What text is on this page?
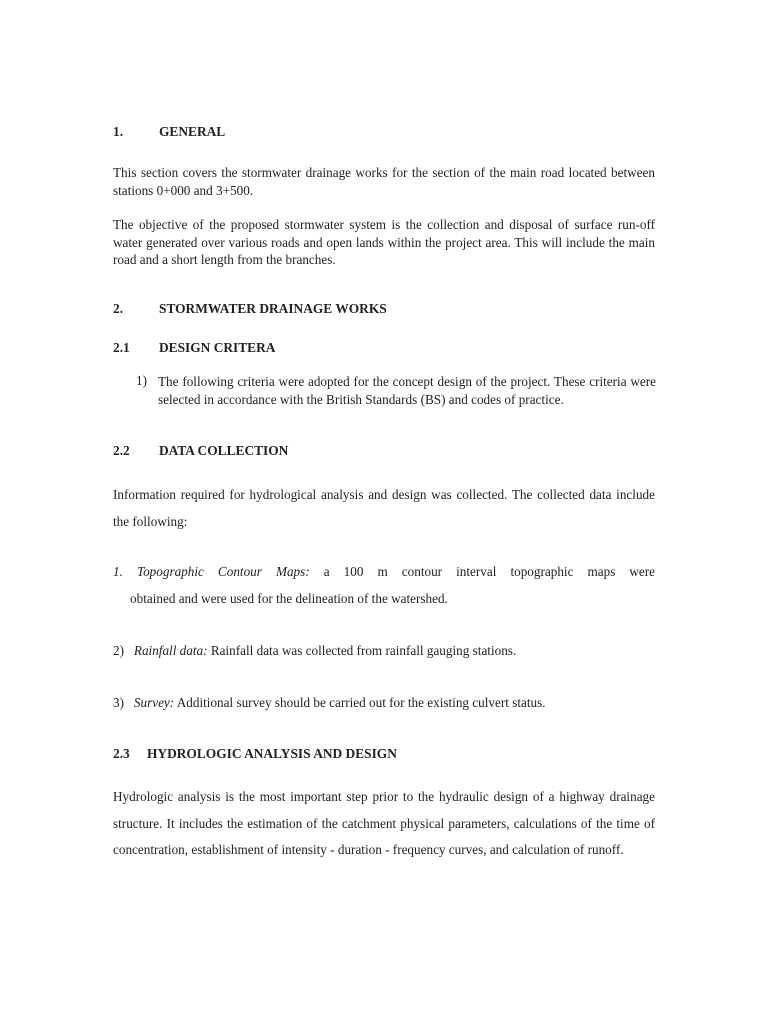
1.	GENERAL
This section covers the stormwater drainage works for the section of the main road located between stations 0+000 and 3+500.
The objective of the proposed stormwater system is the collection and disposal of surface run-off water generated over various roads and open lands within the project area. This will include the main road and a short length from the branches.
2.	STORMWATER DRAINAGE WORKS
2.1 DESIGN CRITERA
1) The following criteria were adopted for the concept design of the project. These criteria were selected in accordance with the British Standards (BS) and codes of practice.
2.2 DATA COLLECTION
Information required for hydrological analysis and design was collected. The collected data include the following:
1. Topographic Contour Maps: a 100 m contour interval topographic maps were
obtained and were used for the delineation of the watershed.
2) Rainfall data: Rainfall data was collected from rainfall gauging stations.
3) Survey: Additional survey should be carried out for the existing culvert status.
2.3 HYDROLOGIC ANALYSIS AND DESIGN
Hydrologic analysis is the most important step prior to the hydraulic design of a highway drainage structure. It includes the estimation of the catchment physical parameters, calculations of the time of concentration, establishment of intensity - duration - frequency curves, and calculation of runoff.
